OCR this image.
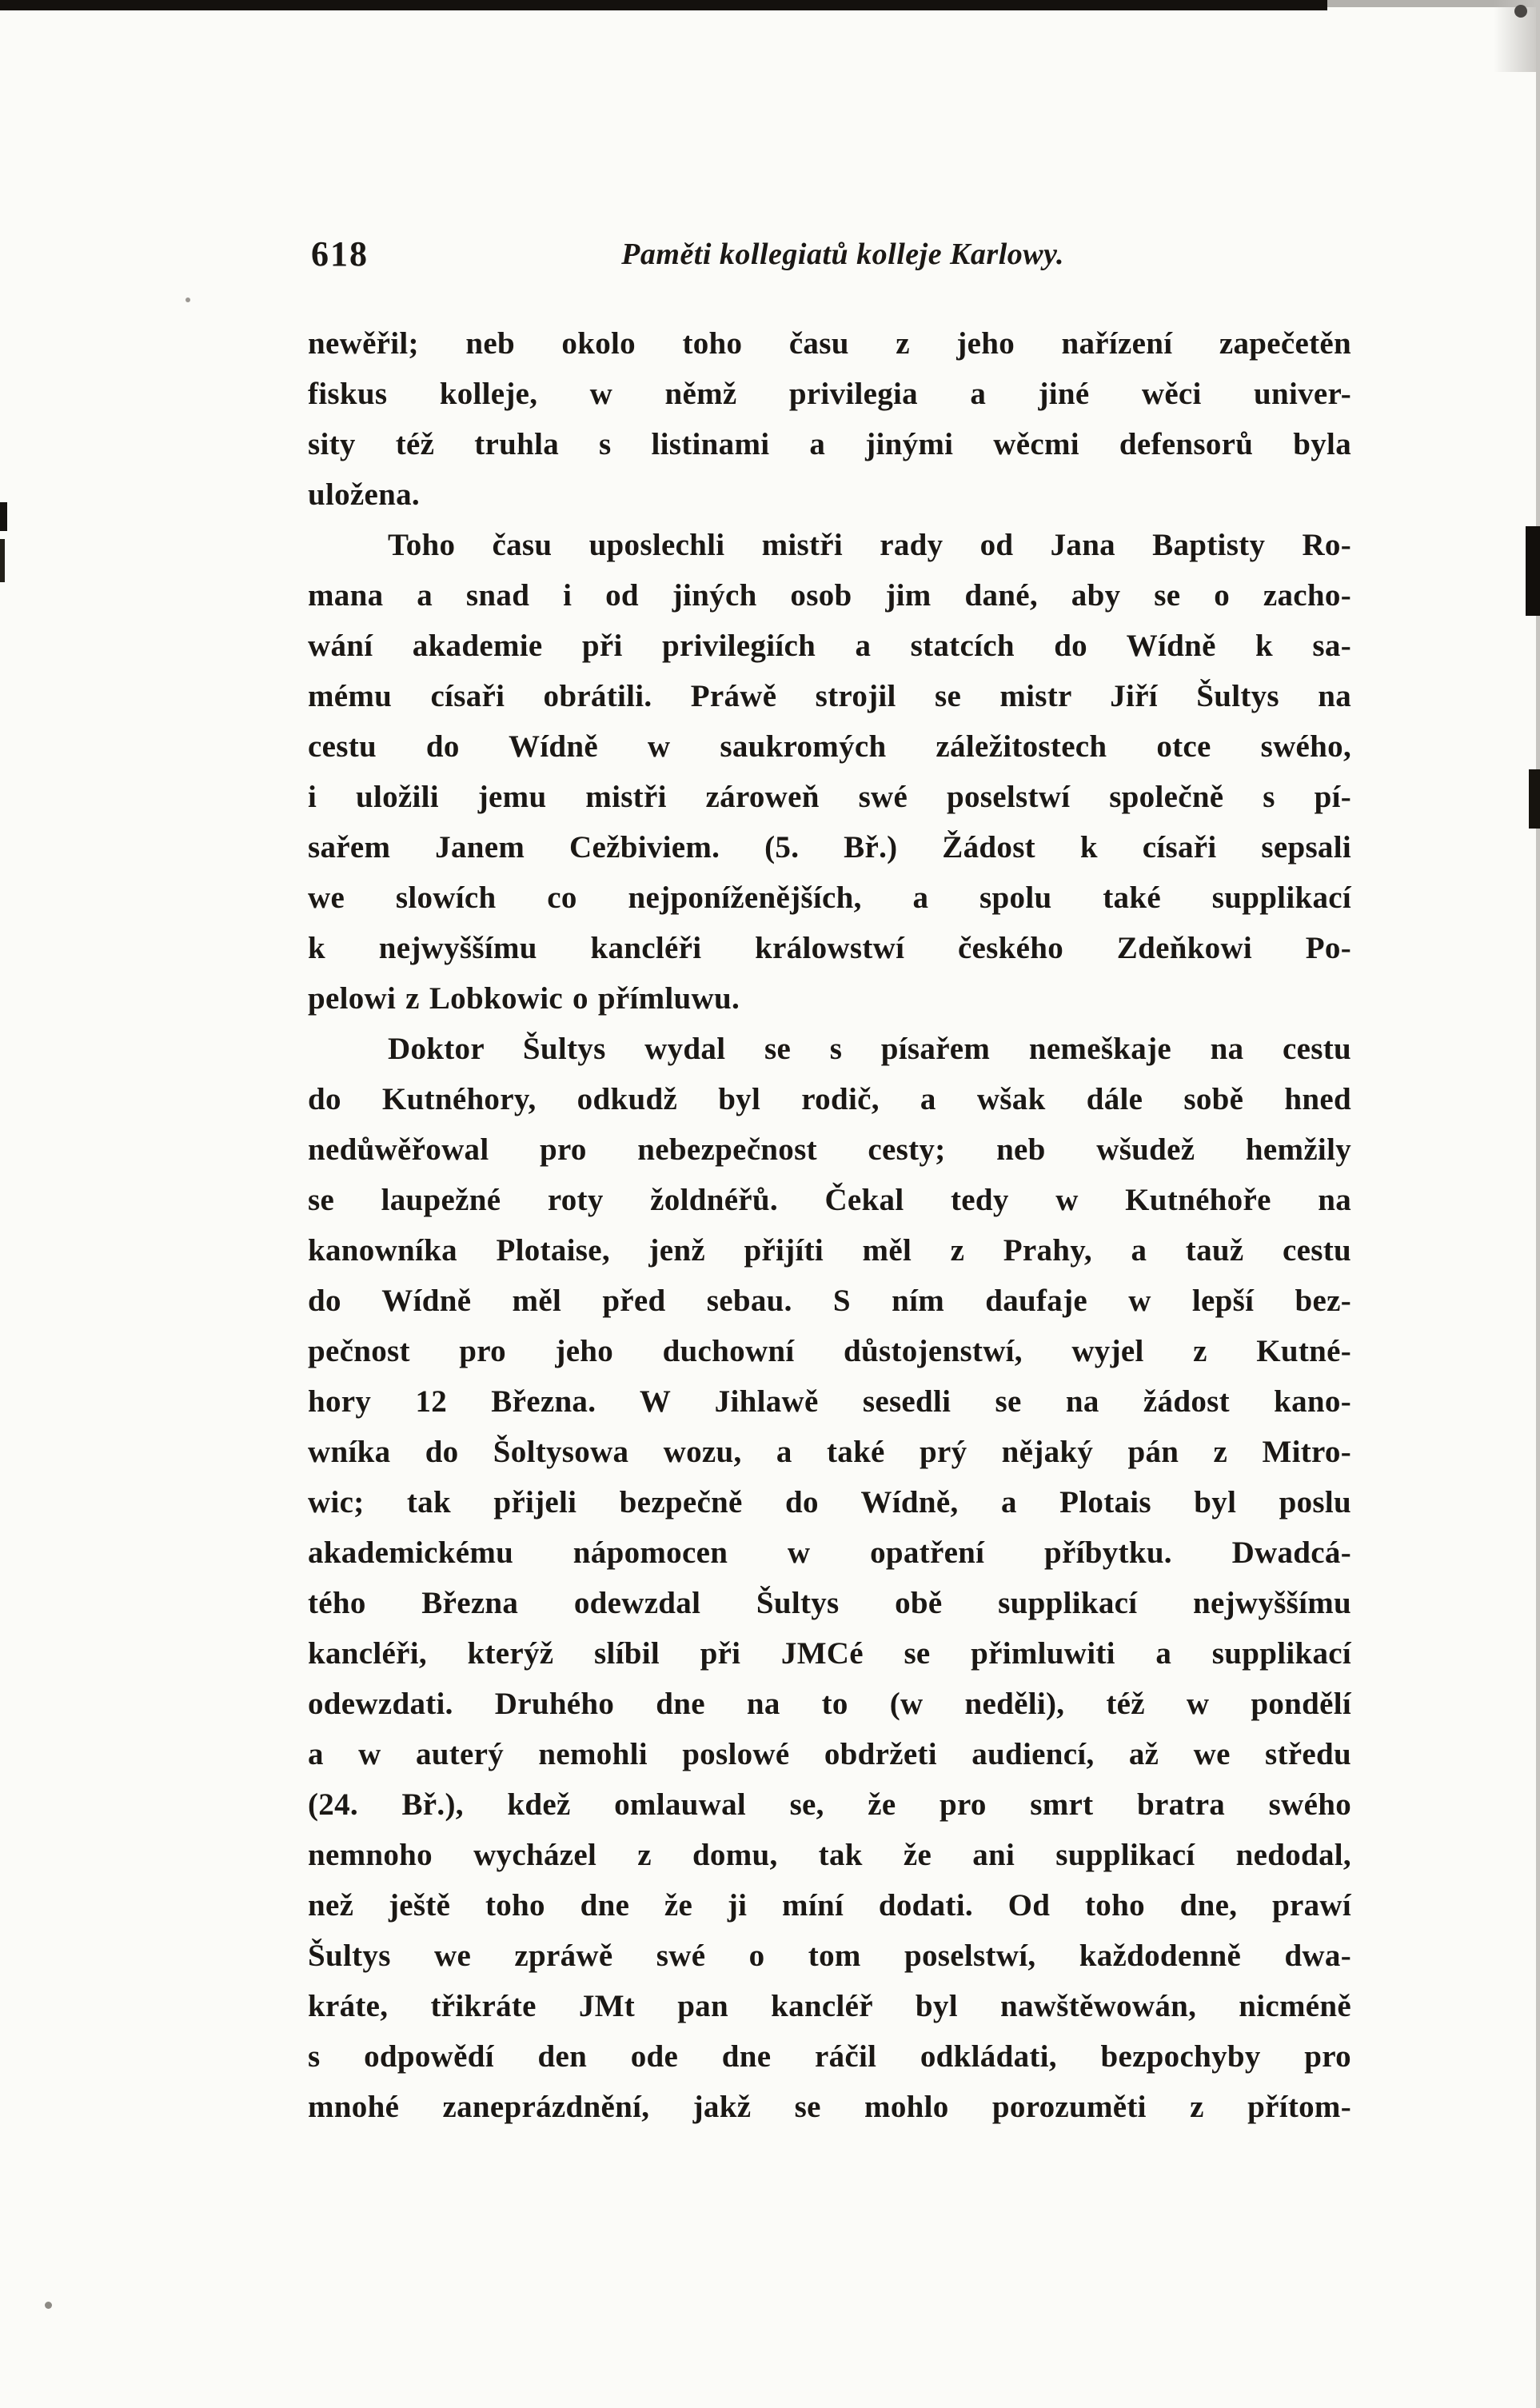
618	Paměti kollegiatů kolleje Karlowy.
newěřil; neb okolo toho času z jeho nařízení zapečetěn
fiskus kolleje, w němž privilegia a jiné wěci univer-
sity též truhla s listinami a jinými wěcmi defensorů byla
uložena.
Toho času uposlechli mistři rady od Jana Baptisty Ro-
mana a snad i od jiných osob jim dané, aby se o zacho-
wání akademie při privilegiích a statcích do Wídně k sa-
mému císaři obrátili. Práwě strojil se mistr Jiří Šultys na
cestu do Wídně w saukromých záležitostech otce swého,
i uložili jemu mistři zároweň swé poselstwí společně s pí-
sařem Janem Cežbiviem. (5. Bř.) Žádost k císaři sepsali
we slowích co nejponíženějších, a spolu také supplikací
k nejwyššímu kancléři králowstwí českého Zdeňkowi Po-
pelowi z Lobkowic o přímluwu.
Doktor Šultys wydal se s písařem nemeškaje na cestu
do Kutnéhory, odkudž byl rodič, a wšak dále sobě hned
nedůwěřowal pro nebezpečnost cesty; neb wšudež hemžily
se laupežné roty žoldnéřů. Čekal tedy w Kutnéhoře na
kanowníka Plotaise, jenž přijíti měl z Prahy, a tauž cestu
do Wídně měl před sebau. S ním daufaje w lepší bez-
pečnost pro jeho duchowní důstojenstwí, wyjel z Kutné-
hory 12 Března. W Jihlawě sesedli se na žádost kano-
wníka do Šoltysowa wozu, a také prý nějaký pán z Mitro-
wic; tak přijeli bezpečně do Wídně, a Plotais byl poslu
akademickému nápomocen w opatření příbytku. Dwadcá-
tého Března odewzdal Šultys obě supplikací nejwyššímu
kancléři, kterýž slíbil při JMCé se přimluwiti a supplikací
odewzdati. Druhého dne na to (w neděli), též w pondělí
a w auterý nemohli poslowé obdržeti audiencí, až we středu
(24. Bř.), kdež omlauwal se, že pro smrt bratra swého
nemnoho wycházel z domu, tak že ani supplikací nedodal,
než ještě toho dne že ji míní dodati. Od toho dne, prawí
Šultys we zpráwě swé o tom poselstwí, každodenně dwa-
kráte, třikráte JMt pan kancléř byl nawštěwowán, nicméně
s odpowědí den ode dne ráčil odkládati, bezpochyby pro
mnohé zaneprázdnění, jakž se mohlo porozuměti z přítom-
